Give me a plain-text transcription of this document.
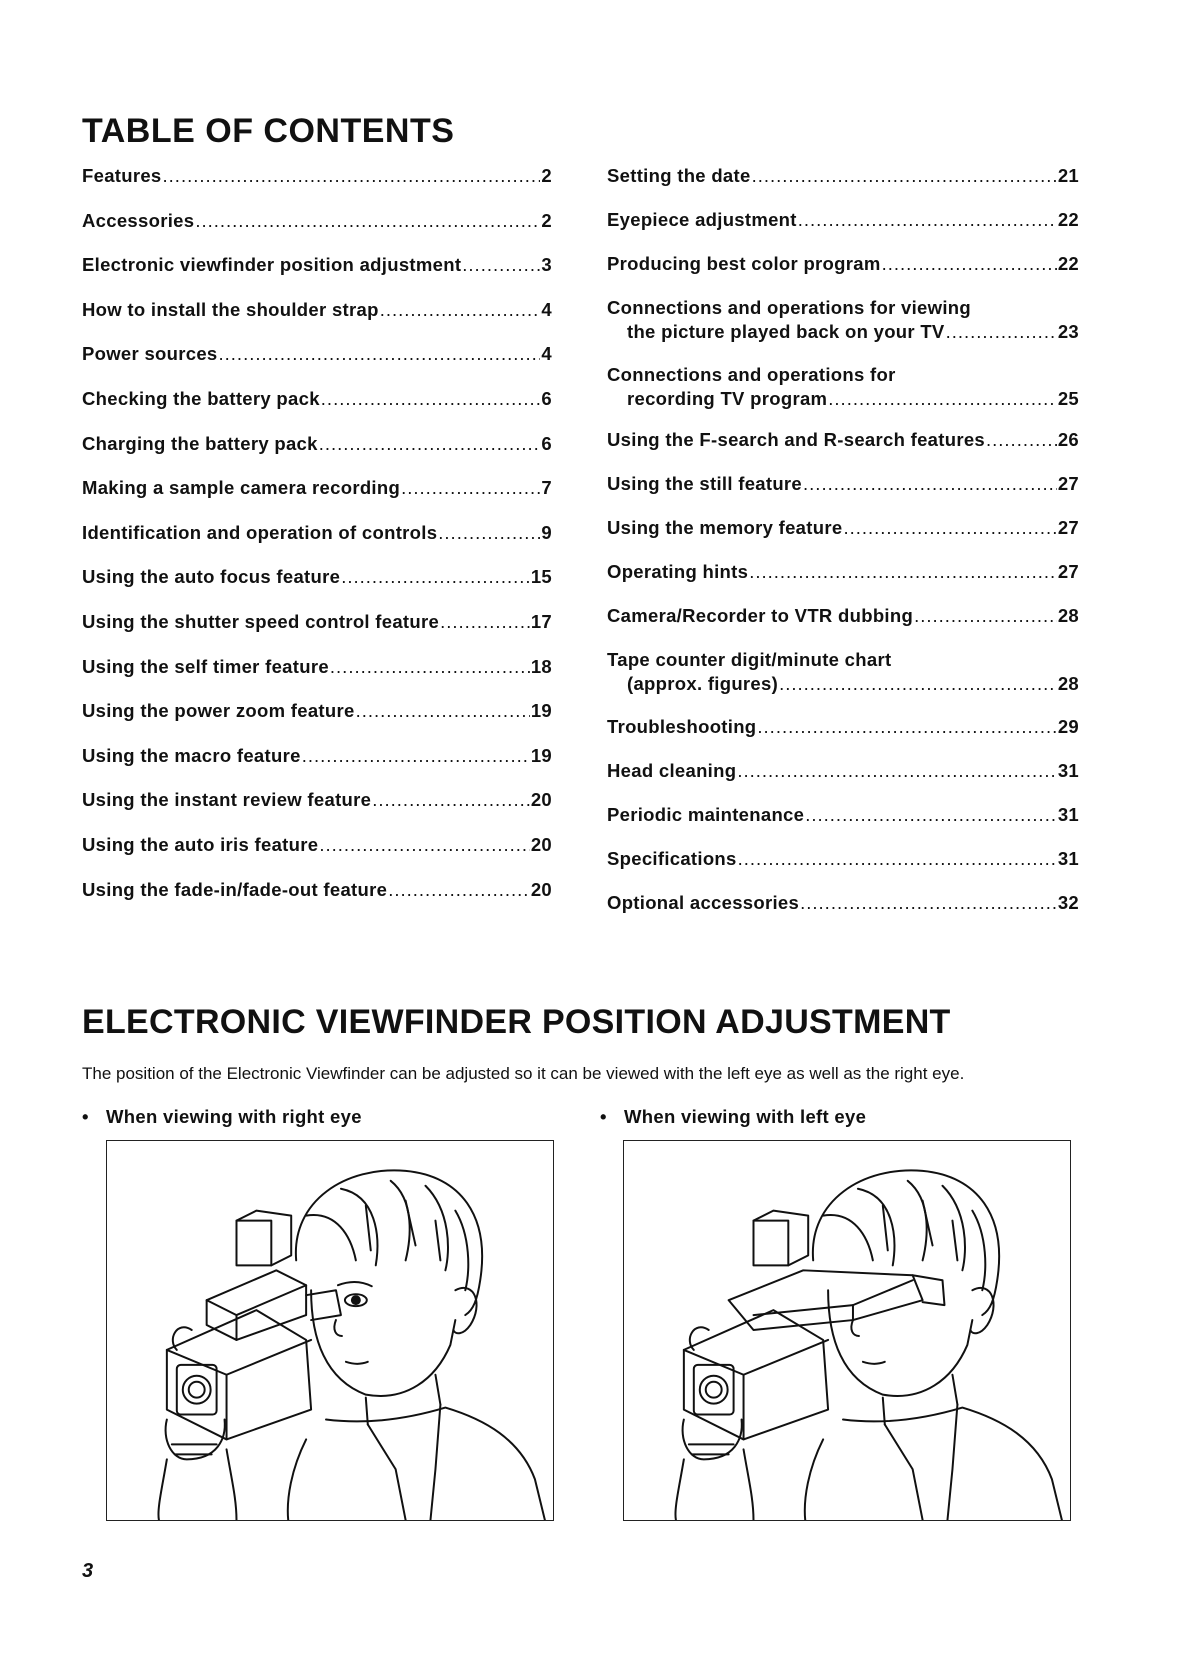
TABLE OF CONTENTS
Features .....	2
Accessories .....	2
Electronic viewfinder position adjustment .....	3
How to install the shoulder strap .....	4
Power sources .....	4
Checking the battery pack .....	6
Charging the battery pack .....	6
Making a sample camera recording .....	7
Identification and operation of controls .....	9
Using the auto focus feature .....	15
Using the shutter speed control feature .....	17
Using the self timer feature .....	18
Using the power zoom feature .....	19
Using the macro feature .....	19
Using the instant review feature .....	20
Using the auto iris feature .....	20
Using the fade-in/fade-out feature .....	20
Setting the date .....	21
Eyepiece adjustment .....	22
Producing best color program .....	22
Connections and operations for viewing
the picture played back on your TV .....	23
Connections and operations for
recording TV program .....	25
Using the F-search and R-search features .....	26
Using the still feature .....	27
Using the memory feature .....	27
Operating hints .....	27
Camera/Recorder to VTR dubbing .....	28
Tape counter digit/minute chart
(approx. figures) .....	28
Troubleshooting .....	29
Head cleaning .....	31
Periodic maintenance .....	31
Specifications .....	31
Optional accessories .....	32
ELECTRONIC VIEWFINDER POSITION ADJUSTMENT

The position of the Electronic Viewfinder can be adjusted so it can be viewed with the left eye as well as the right eye.

• When viewing with right eye	• When viewing with left eye
3
